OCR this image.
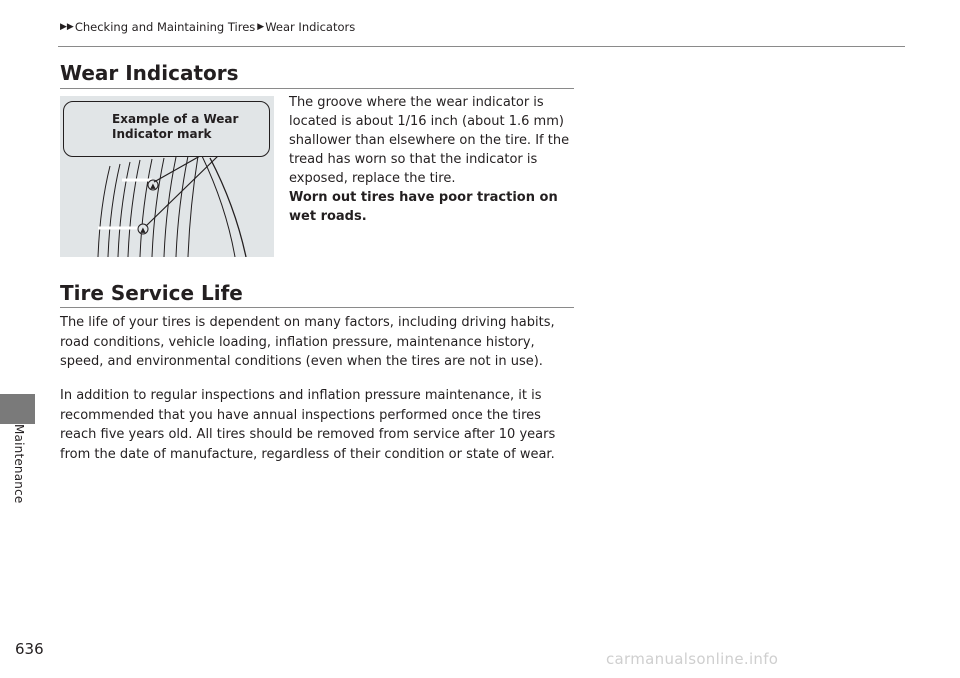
▶▶ Checking and Maintaining Tires ▶ Wear Indicators
Maintenance
Wear Indicators
▲
▲
Example of a Wear Indicator mark

The groove where the wear indicator is located is about 1/16 inch (about 1.6 mm) shallower than elsewhere on the tire. If the tread has worn so that the indicator is exposed, replace the tire.
Worn out tires have poor traction on wet roads.

Tire Service Life

The life of your tires is dependent on many factors, including driving habits, road conditions, vehicle loading, inflation pressure, maintenance history, speed, and environmental conditions (even when the tires are not in use).

In addition to regular inspections and inflation pressure maintenance, it is recommended that you have annual inspections performed once the tires reach five years old. All tires should be removed from service after 10 years from the date of manufacture, regardless of their condition or state of wear.

636
carmanualsonline.info
